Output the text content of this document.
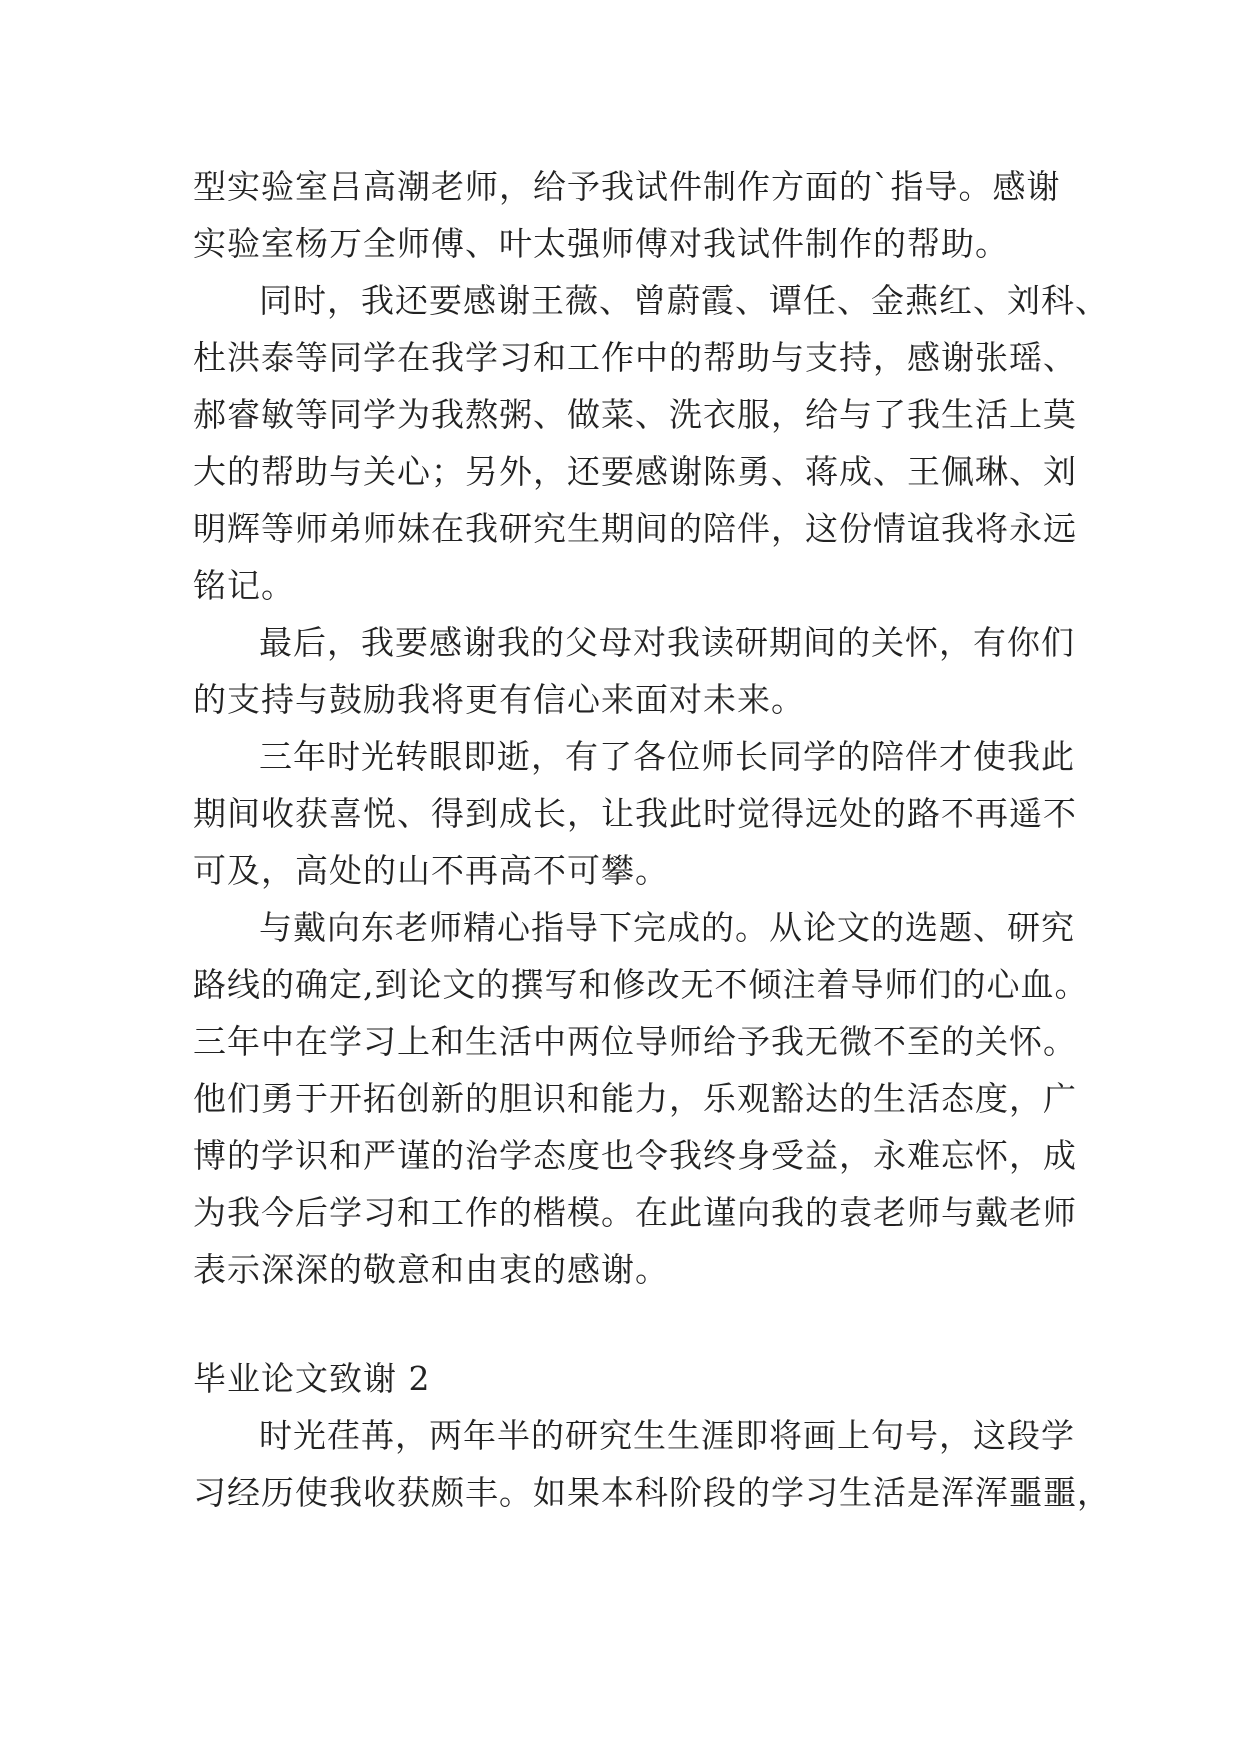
型实验室吕高潮老师，给予我试件制作方面的`指导。感谢
实验室杨万全师傅、叶太强师傅对我试件制作的帮助。
同时，我还要感谢王薇、曾蔚霞、谭任、金燕红、刘科、
杜洪泰等同学在我学习和工作中的帮助与支持，感谢张瑶、
郝睿敏等同学为我熬粥、做菜、洗衣服，给与了我生活上莫
大的帮助与关心；另外，还要感谢陈勇、蒋成、王佩琳、刘
明辉等师弟师妹在我研究生期间的陪伴，这份情谊我将永远
铭记。
最后，我要感谢我的父母对我读研期间的关怀，有你们
的支持与鼓励我将更有信心来面对未来。
三年时光转眼即逝，有了各位师长同学的陪伴才使我此
期间收获喜悦、得到成长，让我此时觉得远处的路不再遥不
可及，高处的山不再高不可攀。
与戴向东老师精心指导下完成的。从论文的选题、研究
路线的确定,到论文的撰写和修改无不倾注着导师们的心血。
三年中在学习上和生活中两位导师给予我无微不至的关怀。
他们勇于开拓创新的胆识和能力，乐观豁达的生活态度，广
博的学识和严谨的治学态度也令我终身受益，永难忘怀，成
为我今后学习和工作的楷模。在此谨向我的袁老师与戴老师
表示深深的敬意和由衷的感谢。
毕业论文致谢 2
时光荏苒，两年半的研究生生涯即将画上句号，这段学
习经历使我收获颇丰。如果本科阶段的学习生活是浑浑噩噩，
